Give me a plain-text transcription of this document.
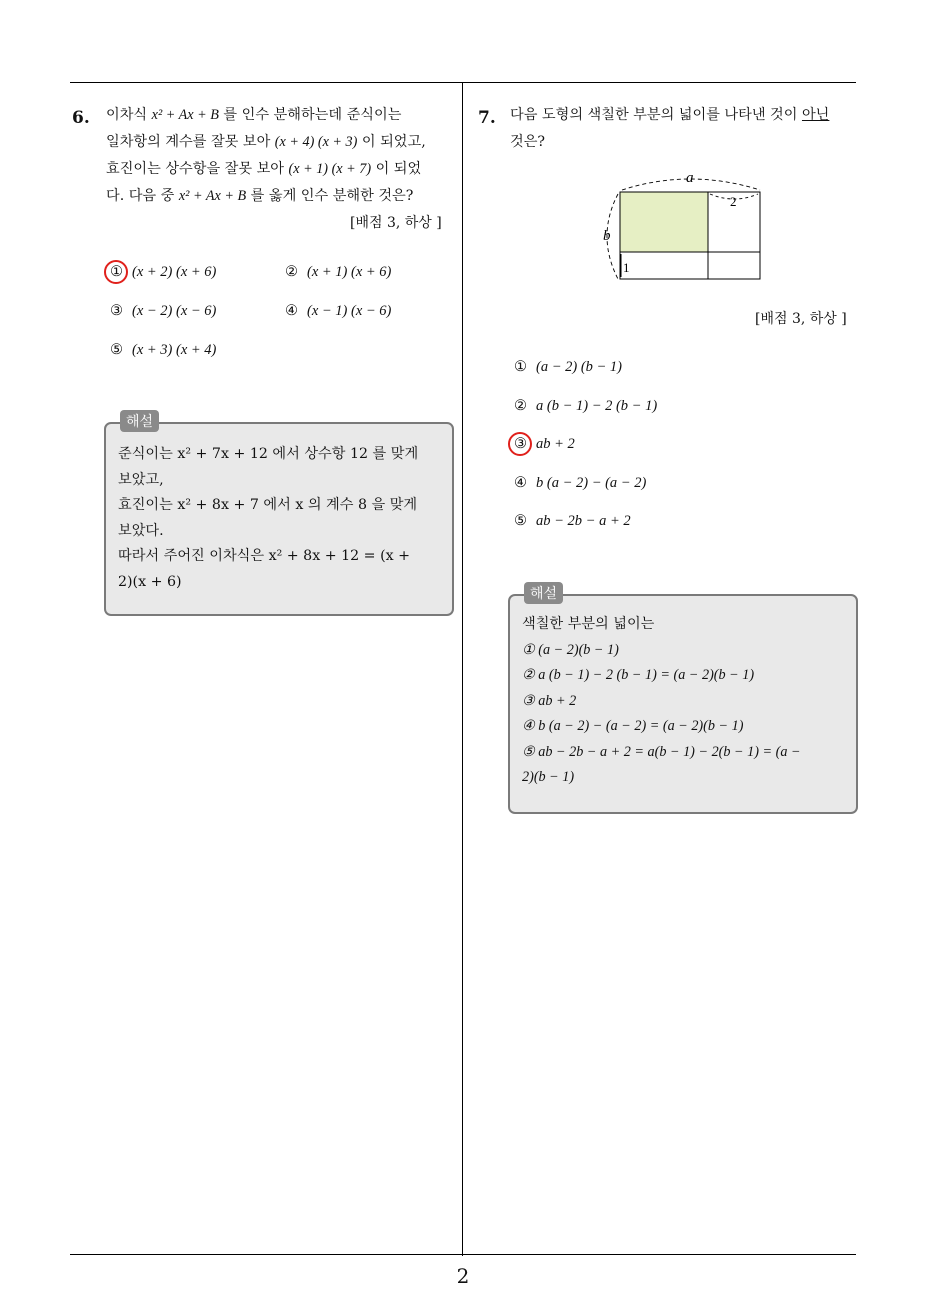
2
6. 이차식 x² + Ax + B 를 인수 분해하는데 준식이는
일차항의 계수를 잘못 보아 (x + 4) (x + 3) 이 되었고,
효진이는 상수항을 잘못 보아 (x + 1) (x + 7) 이 되었
다. 다음 중 x² + Ax + B 를 옳게 인수 분해한 것은?
[배점 3, 하상 ]
① (x + 2) (x + 6)	② (x + 1) (x + 6)
③ (x − 2) (x − 6)	④ (x − 1) (x − 6)
⑤ (x + 3) (x + 4)
준식이는 x² + 7x + 12 에서 상수항 12 를 맞게
보았고,
효진이는 x² + 8x + 7 에서 x 의 계수 8 을 맞게
보았다.
따라서 주어진 이차식은 x² + 8x + 12 = (x +
2)(x + 6)
해설
7. 다음 도형의 색칠한 부분의 넓이를 나타낸 것이 아닌
것은?
a
b
2
1
[배점 3, 하상 ]
① (a − 2) (b − 1)
② a (b − 1) − 2 (b − 1)
③ ab + 2
④ b (a − 2) − (a − 2)
⑤ ab − 2b − a + 2
색칠한 부분의 넓이는
① (a − 2)(b − 1)
② a (b − 1) − 2 (b − 1) = (a − 2)(b − 1)
③ ab + 2
④ b (a − 2) − (a − 2) = (a − 2)(b − 1)
⑤ ab − 2b − a + 2 = a(b − 1) − 2(b − 1) = (a −
2)(b − 1)
해설
